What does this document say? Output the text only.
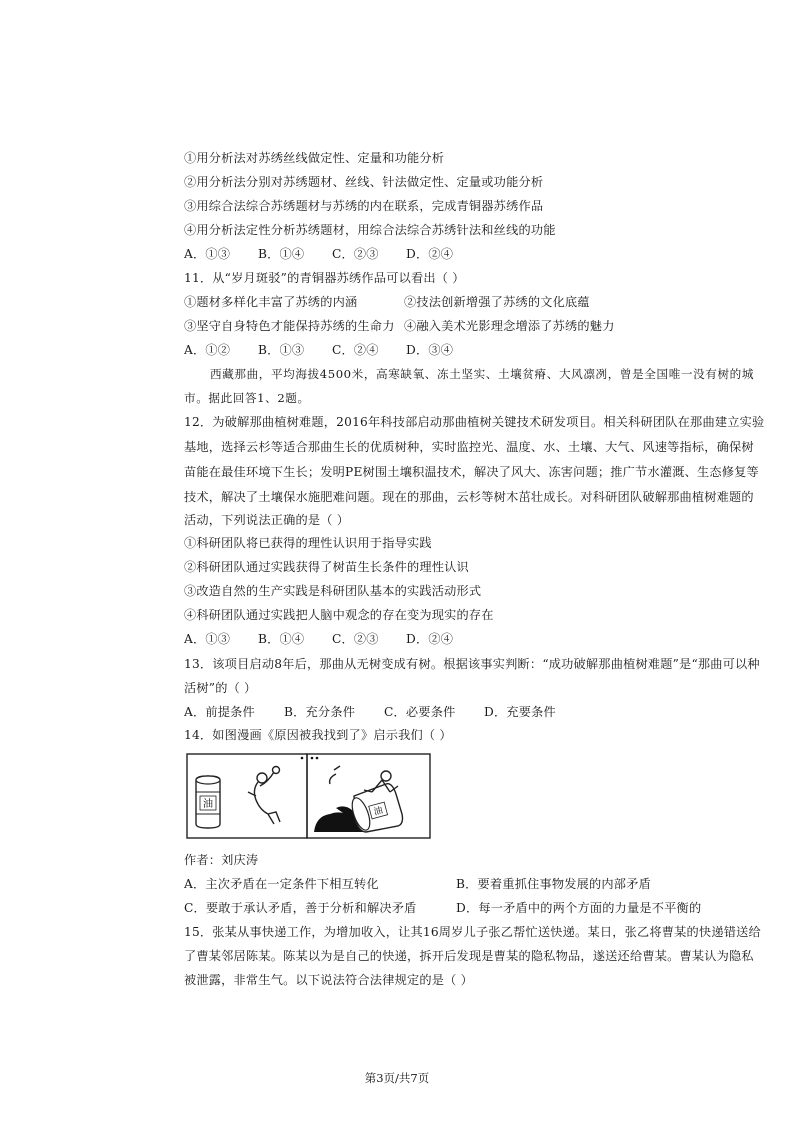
①用分析法对苏绣丝线做定性、定量和功能分析
②用分析法分别对苏绣题材、丝线、针法做定性、定量或功能分析
③用综合法综合苏绣题材与苏绣的内在联系，完成青铜器苏绣作品
④用分析法定性分析苏绣题材，用综合法综合苏绣针法和丝线的功能
A．①③ B．①④ C．②③ D．②④
11．从“岁月斑驳”的青铜器苏绣作品可以看出（ ）
①题材多样化丰富了苏绣的内涵	②技法创新增强了苏绣的文化底蕴
③坚守自身特色才能保持苏绣的生命力 ④融入美术光影理念增添了苏绣的魅力
A．①② B．①③ C．②④ D．③④
西藏那曲，平均海拔4500米，高寒缺氧、冻土坚实、土壤贫瘠、大风凛冽，曾是全国唯一没有树的城
市。据此回答1、2题。
12．为破解那曲植树难题，2016年科技部启动那曲植树关键技术研发项目。相关科研团队在那曲建立实验
基地，选择云杉等适合那曲生长的优质树种，实时监控光、温度、水、土壤、大气、风速等指标，确保树
苗能在最佳环境下生长；发明PE树围土壤积温技术，解决了风大、冻害问题；推广节水灌溉、生态修复等
技术，解决了土壤保水施肥难问题。现在的那曲，云杉等树木茁壮成长。对科研团队破解那曲植树难题的
活动，下列说法正确的是（ ）
①科研团队将已获得的理性认识用于指导实践
②科研团队通过实践获得了树苗生长条件的理性认识
③改造自然的生产实践是科研团队基本的实践活动形式
④科研团队通过实践把人脑中观念的存在变为现实的存在
A．①③ B．①④ C．②③ D．②④
13．该项目启动8年后，那曲从无树变成有树。根据该事实判断：“成功破解那曲植树难题”是“那曲可以种
活树”的（ ）
A．前提条件 B．充分条件 C．必要条件 D．充要条件
14．如图漫画《原因被我找到了》启示我们（ ）
油
油
作者：刘庆涛
A．主次矛盾在一定条件下相互转化	B．要着重抓住事物发展的内部矛盾
C．要敢于承认矛盾，善于分析和解决矛盾	D．每一矛盾中的两个方面的力量是不平衡的
15．张某从事快递工作，为增加收入，让其16周岁儿子张乙帮忙送快递。某日，张乙将曹某的快递错送给
了曹某邻居陈某。陈某以为是自己的快递，拆开后发现是曹某的隐私物品，遂送还给曹某。曹某认为隐私
被泄露，非常生气。以下说法符合法律规定的是（ ）
第3页/共7页
